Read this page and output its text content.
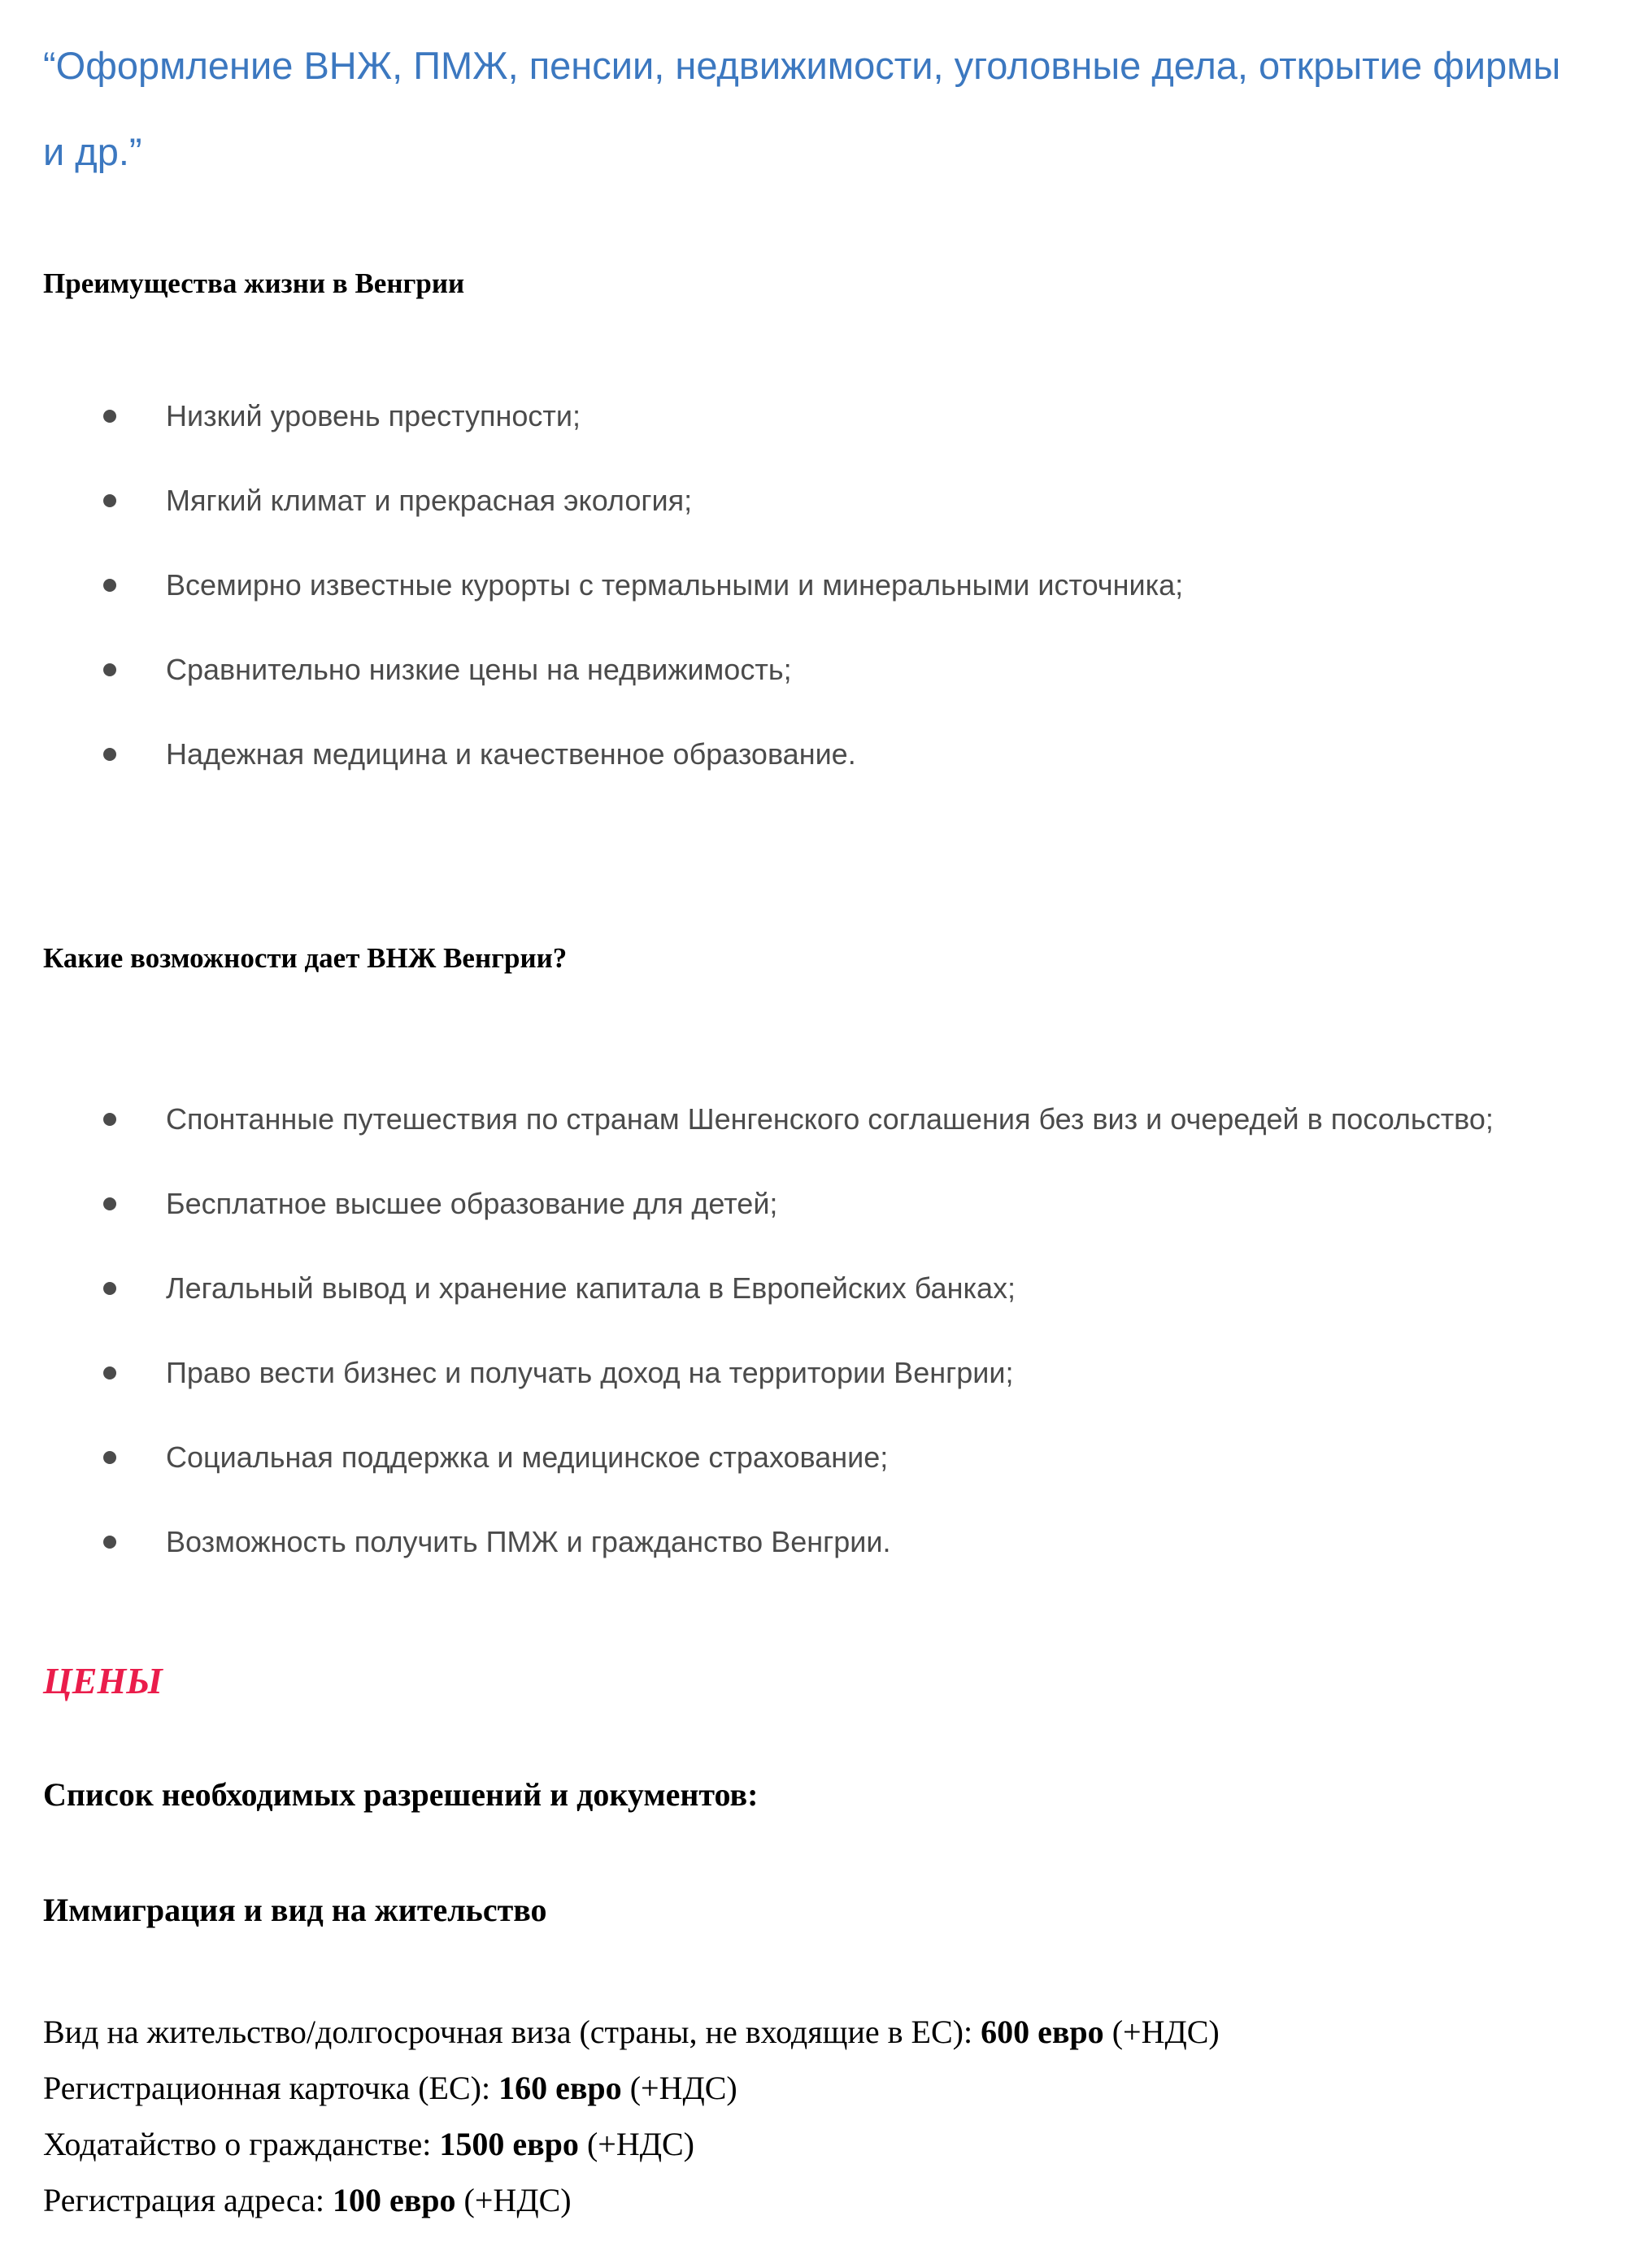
“Оформление ВНЖ, ПМЖ, пенсии, недвижимости, уголовные дела, открытие фирмы и др.”

Преимущества жизни в Венгрии
Низкий уровень преступности;
Мягкий климат и прекрасная экология;
Всемирно известные курорты с термальными и минеральными источника;
Сравнительно низкие цены на недвижимость;
Надежная медицина и качественное образование.
Какие возможности дает ВНЖ Венгрии?
Спонтанные путешествия по странам Шенгенского соглашения без виз и очередей в посольство;
Бесплатное высшее образование для детей;
Легальный вывод и хранение капитала в Европейских банках;
Право вести бизнес и получать доход на территории Венгрии;
Социальная поддержка и медицинское страхование;
Возможность получить ПМЖ и гражданство Венгрии.
ЦЕНЫ
Список необходимых разрешений и документов:
Иммиграция и вид на жительство
Вид на жительство/долгосрочная виза (страны, не входящие в ЕС): 600 евро (+НДС)
Регистрационная карточка (ЕС): 160 евро (+НДС)
Ходатайство о гражданстве: 1500 евро (+НДС)
Регистрация адреса: 100 евро (+НДС)
